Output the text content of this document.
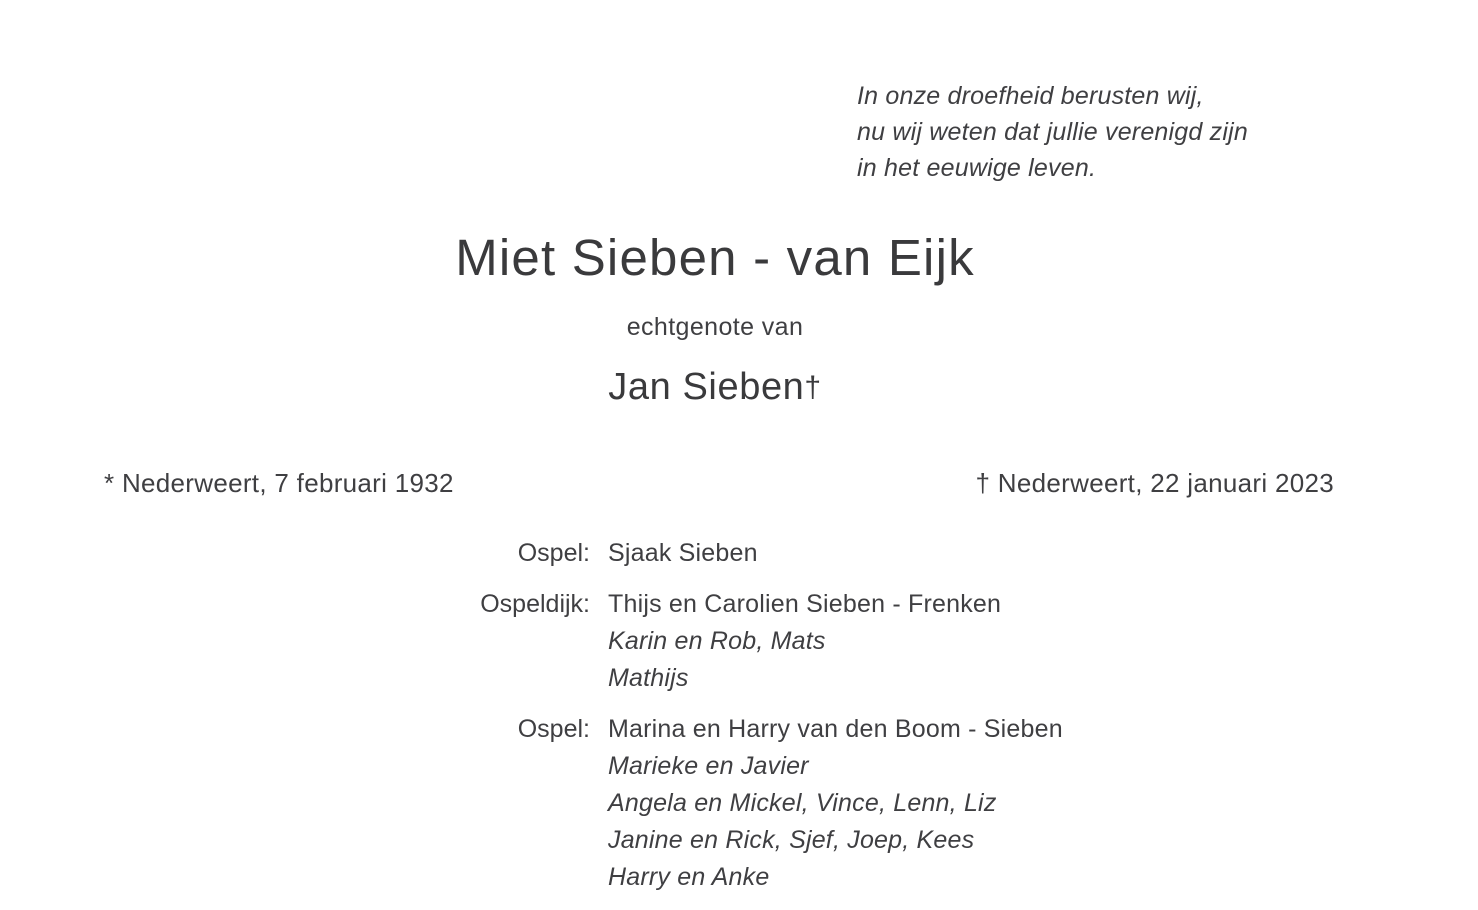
In onze droefheid berusten wij,
nu wij weten dat jullie verenigd zijn
in het eeuwige leven.
Miet Sieben - van Eijk
echtgenote van
Jan Sieben†
* Nederweert, 7 februari 1932	† Nederweert, 22 januari 2023
Ospel: Sjaak Sieben
Ospeldijk: Thijs en Carolien Sieben - Frenken
Karin en Rob, Mats
Mathijs
Ospel: Marina en Harry van den Boom - Sieben
Marieke en Javier
Angela en Mickel, Vince, Lenn, Liz
Janine en Rick, Sjef, Joep, Kees
Harry en Anke
